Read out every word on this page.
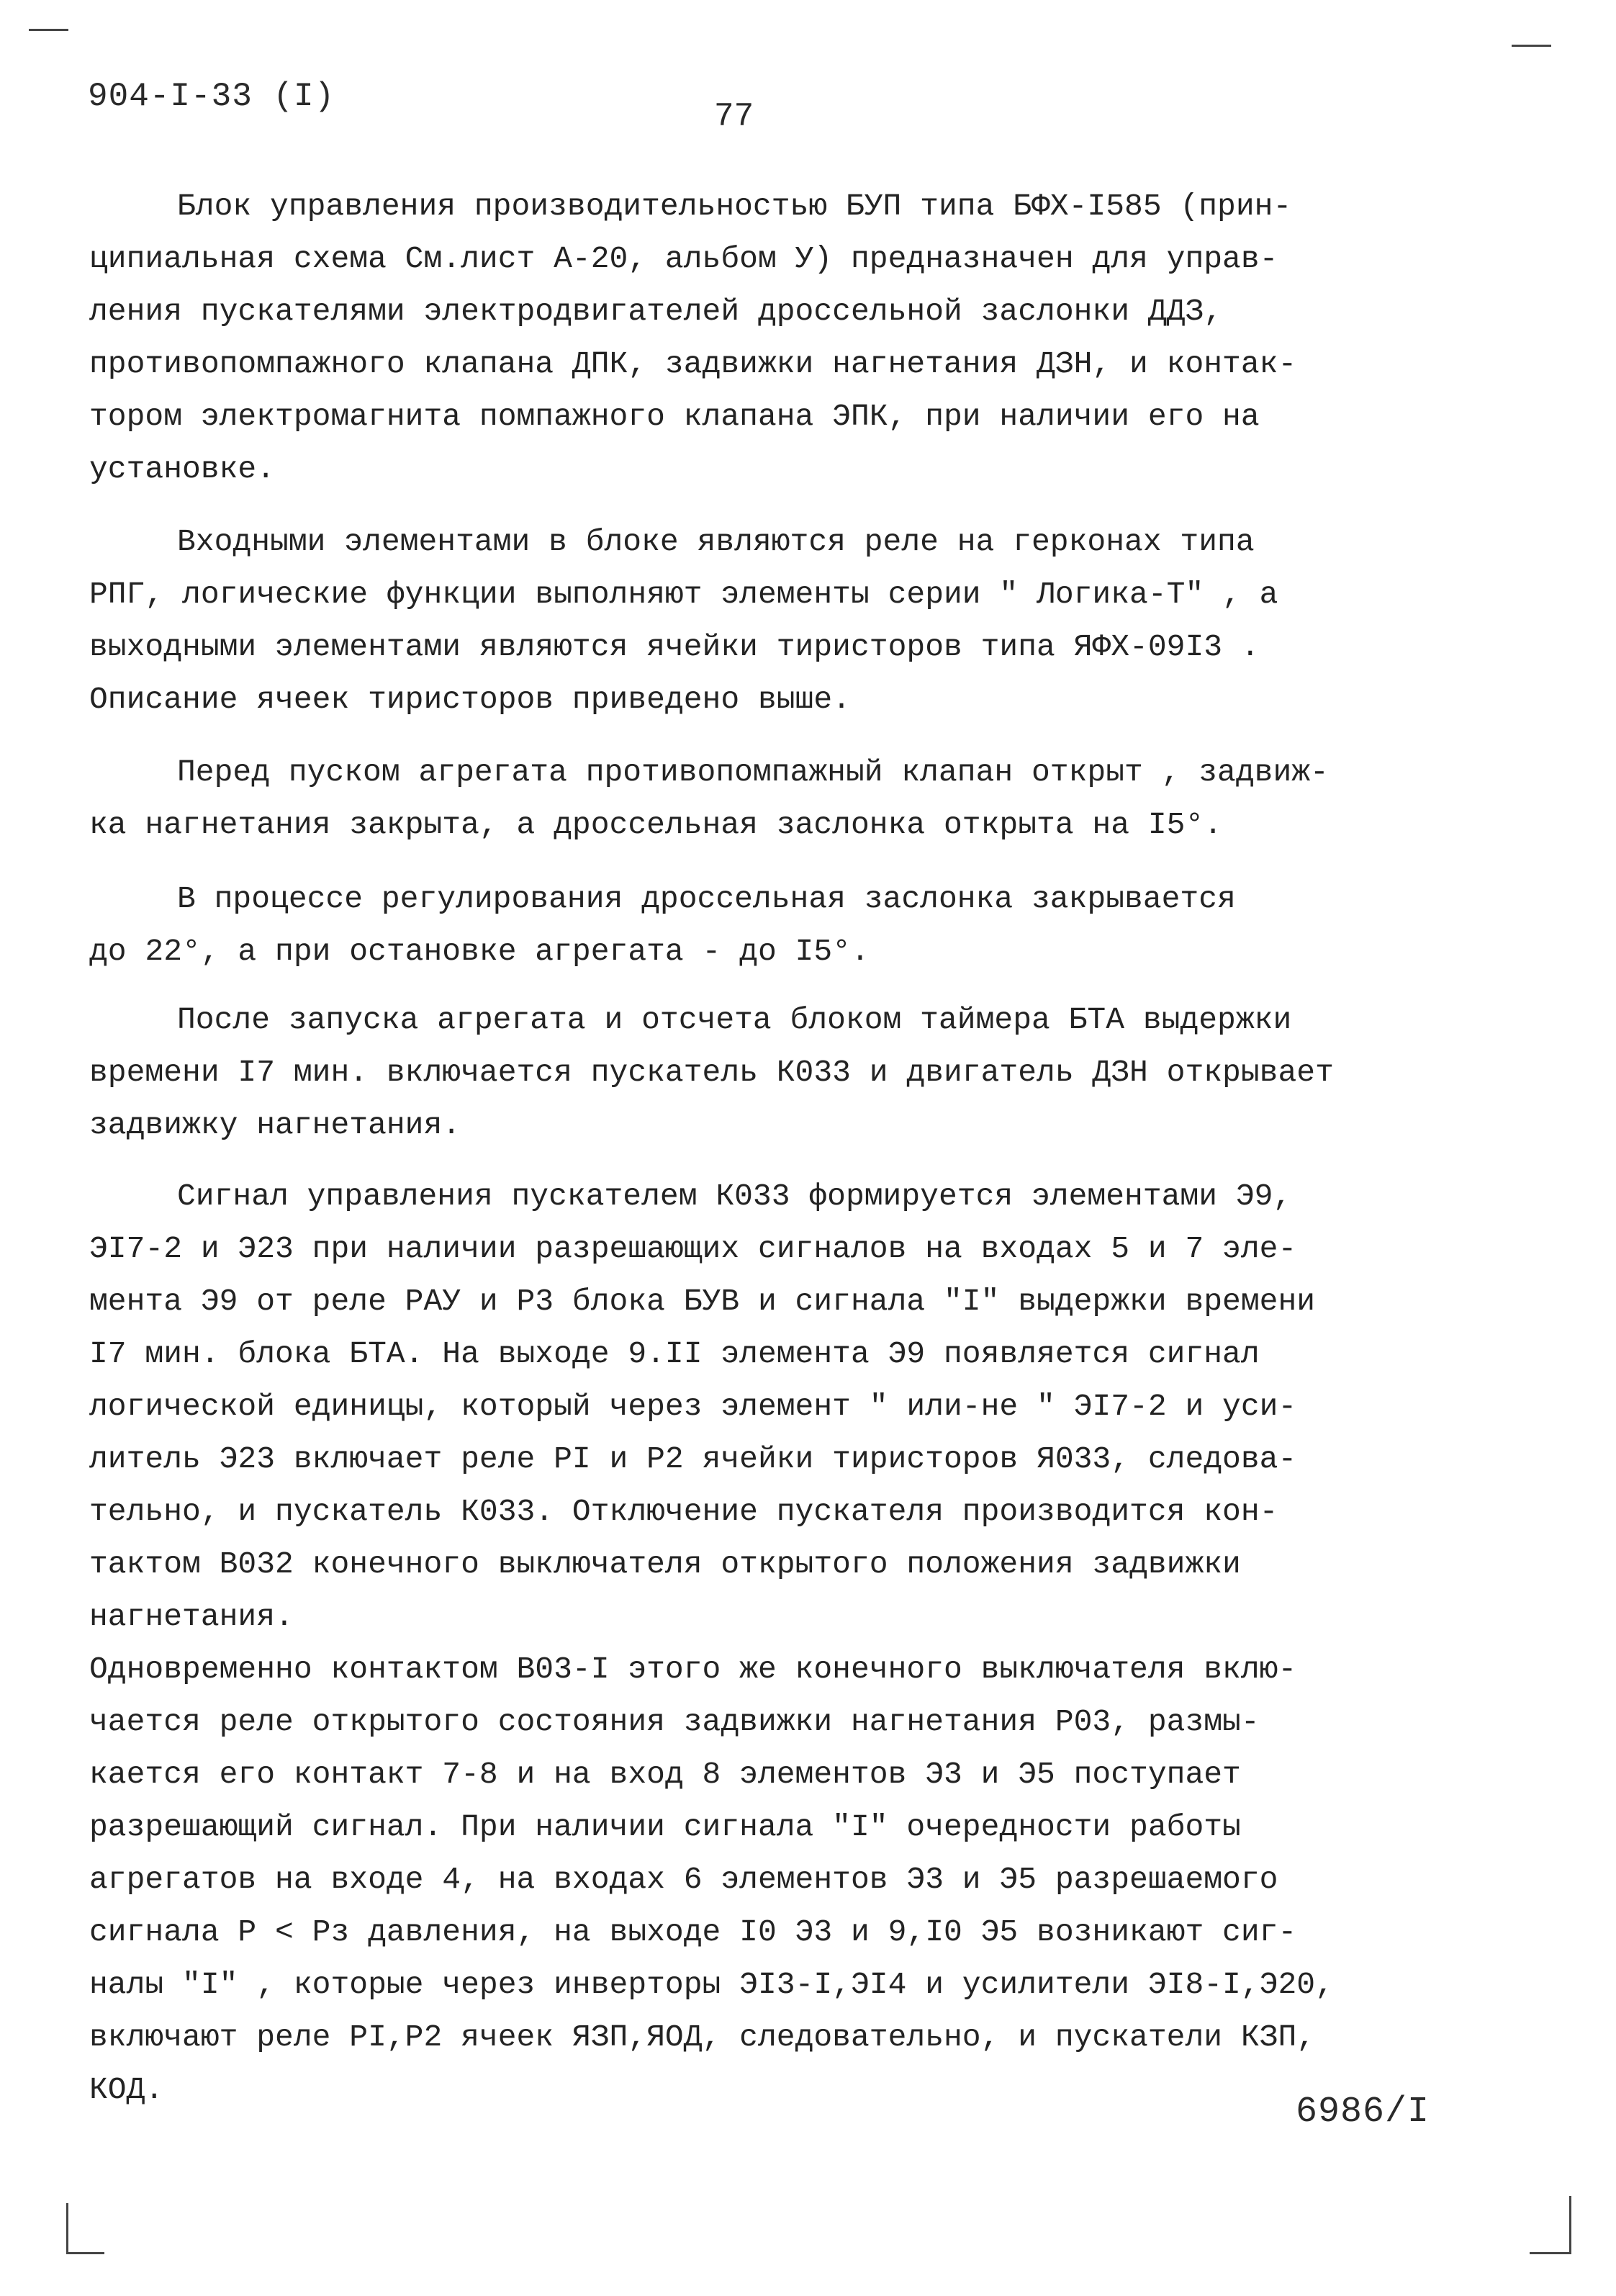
904-I-33 (I)
77

Блок управления производительностью БУП типа БФХ-I585 (прин-
ципиальная схема См.лист А-20, альбом У) предназначен для управ-
ления пускателями электродвигателей дроссельной заслонки ДДЗ,
противопомпажного клапана ДПК, задвижки нагнетания ДЗН, и контак-
тором электромагнита помпажного клапана ЭПК, при наличии его на
установке.

Входными элементами в блоке являются реле на герконах типа
РПГ, логические функции выполняют элементы серии " Логика-Т" , а
выходными элементами являются ячейки тиристоров типа ЯФХ-09I3 .
Описание ячеек тиристоров приведено выше.

Перед пуском агрегата противопомпажный клапан открыт , задвиж-
ка нагнетания закрыта, а дроссельная заслонка открыта на I5°.

В процессе регулирования дроссельная заслонка закрывается
до 22°, а при остановке агрегата - до I5°.

После запуска агрегата и отсчета блоком таймера БТА выдержки
времени I7 мин. включается пускатель К033 и двигатель ДЗН открывает
задвижку нагнетания.

Сигнал управления пускателем К033 формируется элементами Э9,
ЭI7-2 и Э23 при наличии разрешающих сигналов на входах 5 и 7 эле-
мента Э9 от реле РАУ и Р3 блока БУВ и сигнала "I" выдержки времени
I7 мин. блока БТА. На выходе 9.II элемента Э9 появляется сигнал
логической единицы, который через элемент " или-не " ЭI7-2 и уси-
литель Э23 включает реле РI и Р2 ячейки тиристоров Я033, следова-
тельно, и пускатель К033. Отключение пускателя производится кон-
тактом В032 конечного выключателя открытого положения задвижки
нагнетания.
Одновременно контактом В03-I этого же конечного выключателя вклю-
чается реле открытого состояния задвижки нагнетания Р03, размы-
кается его контакт 7-8 и на вход 8 элементов Э3 и Э5 поступает
разрешающий сигнал. При наличии сигнала "I" очередности работы
агрегатов на входе 4, на входах 6 элементов Э3 и Э5 разрешаемого
сигнала Р < Рз давления, на выходе I0 Э3 и 9,I0 Э5 возникают сиг-
налы "I" , которые через инверторы ЭI3-I,ЭI4 и усилители ЭI8-I,Э20,
включают реле РI,Р2 ячеек ЯЗП,ЯОД, следовательно, и пускатели КЗП,
КОД.

6986/I
